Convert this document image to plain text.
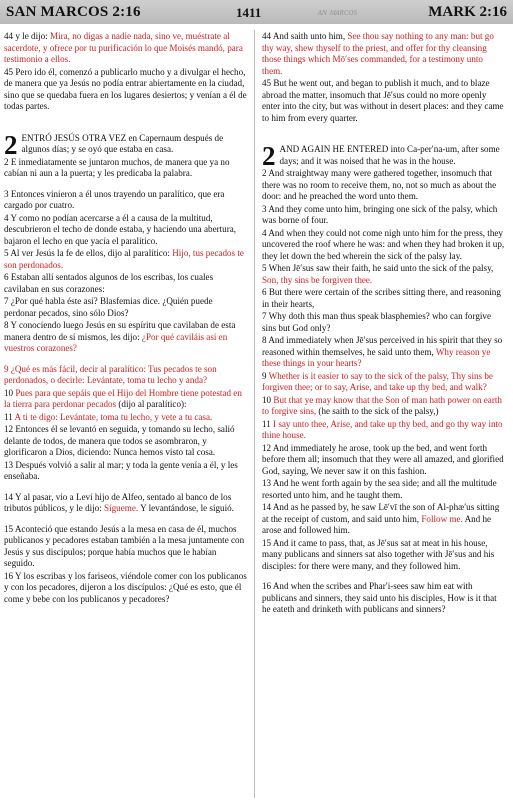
SAN MARCOS 2:16	1411	ᴀɴ ᴍᴀʀᴄos	MARK 2:16

44 y le dijo: Mira, no digas a nadie nada, sino ve, muéstrate al sacerdote, y ofrece por tu purificación lo que Moisés mandó, para testimonio a ellos.

45 Pero ido él, comenzó a publicarlo mucho y a divulgar el hecho, de manera que ya Jesús no podía entrar abiertamente en la ciudad, sino que se quedaba fuera en los lugares desiertos; y venían a él de todas partes.

2 ENTRÓ JESÚS OTRA VEZ en Capernaum después de algunos días; y se oyó que estaba en casa.

2 E inmediatamente se juntaron muchos, de manera que ya no cabían ni aun a la puerta; y les predicaba la palabra.

3 Entonces vinieron a él unos trayendo un paralítico, que era cargado por cuatro.

4 Y como no podían acercarse a él a causa de la multitud, descubrieron el techo de donde estaba, y haciendo una abertura, bajaron el lecho en que yacía el paralítico.

5 Al ver Jesús la fe de ellos, dijo al paralítico: Hijo, tus pecados te son perdonados.

6 Estaban allí sentados algunos de los escribas, los cuales cavilaban en sus corazones:

7 ¿Por qué habla éste así? Blasfemias dice. ¿Quién puede perdonar pecados, sino sólo Dios?

8 Y conociendo luego Jesús en su espíritu que cavilaban de esta manera dentro de sí mismos, les dijo: ¿Por qué caviláis así en vuestros corazones?

9 ¿Qué es más fácil, decir al paralítico: Tus pecados te son perdonados, o decirle: Levántate, toma tu lecho y anda?

10 Pues para que sepáis que el Hijo del Hombre tiene potestad en la tierra para perdonar pecados (dijo al paralítico):

11 A ti te digo: Levántate, toma tu lecho, y vete a tu casa.

12 Entonces él se levantó en seguida, y tomando su lecho, salió delante de todos, de manera que todos se asombraron, y glorificaron a Dios, diciendo: Nunca hemos visto tal cosa.

13 Después volvió a salir al mar; y toda la gente venía a él, y les enseñaba.

14 Y al pasar, vio a Leví hijo de Alfeo, sentado al banco de los tributos públicos, y le dijo: Sígueme. Y levantándose, le siguió.

15 Aconteció que estando Jesús a la mesa en casa de él, muchos publicanos y pecadores estaban también a la mesa juntamente con Jesús y sus discípulos; porque había muchos que le habían seguido.

16 Y los escribas y los fariseos, viéndole comer con los publicanos y con los pecadores, dijeron a los discípulos: ¿Qué es esto, que él come y bebe con los publicanos y pecadores?

44 And saith unto him, See thou say nothing to any man: but go thy way, shew thyself to the priest, and offer for thy cleansing those things which Mō′ses commanded, for a testimony unto them.

45 But he went out, and began to publish it much, and to blaze abroad the matter, insomuch that Jē′sus could no more openly enter into the city, but was without in desert places: and they came to him from every quarter.

2 AND AGAIN HE ENTERED into Ca-per′na-um, after some days; and it was noised that he was in the house.

2 And straightway many were gathered together, insomuch that there was no room to receive them, no, not so much as about the door: and he preached the word unto them.

3 And they come unto him, bringing one sick of the palsy, which was borne of four.

4 And when they could not come nigh unto him for the press, they uncovered the roof where he was: and when they had broken it up, they let down the bed wherein the sick of the palsy lay.

5 When Jē′sus saw their faith, he said unto the sick of the palsy, Son, thy sins be forgiven thee.

6 But there were certain of the scribes sitting there, and reasoning in their hearts,

7 Why doth this man thus speak blasphemies? who can forgive sins but God only?

8 And immediately when Jē′sus perceived in his spirit that they so reasoned within themselves, he said unto them, Why reason ye these things in your hearts?

9 Whether is it easier to say to the sick of the palsy, Thy sins be forgiven thee; or to say, Arise, and take up thy bed, and walk?

10 But that ye may know that the Son of man hath power on earth to forgive sins, (he saith to the sick of the palsy,)

11 I say unto thee, Arise, and take up thy bed, and go thy way into thine house.

12 And immediately he arose, took up the bed, and went forth before them all; insomuch that they were all amazed, and glorified God, saying, We never saw it on this fashion.

13 And he went forth again by the sea side; and all the multitude resorted unto him, and he taught them.

14 And as he passed by, he saw Lē′vī the son of Al-phæ′us sitting at the receipt of custom, and said unto him, Follow me. And he arose and followed him.

15 And it came to pass, that, as Jē′sus sat at meat in his house, many publicans and sinners sat also together with Jē′sus and his disciples: for there were many, and they followed him.

16 And when the scribes and Phar′i-sees saw him eat with publicans and sinners, they said unto his disciples, How is it that he eateth and drinketh with publicans and sinners?
